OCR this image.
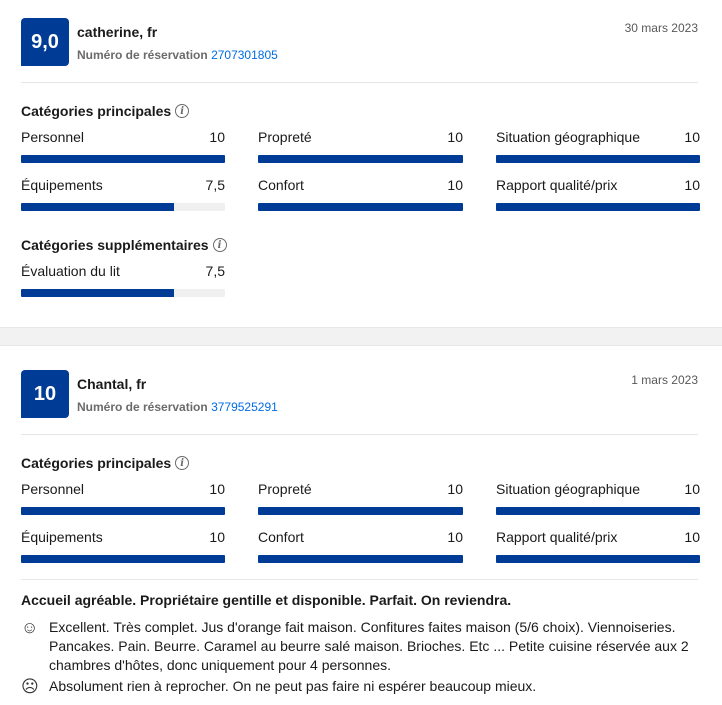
9,0	catherine, fr
Numéro de réservation 2707301805
30 mars 2023
Catégories principales i
Personnel	10 Propreté	10 Situation géographique	10
Équipements	7,5 Confort	10 Rapport qualité/prix	10
Catégories supplémentaires i
Évaluation du lit	7,5
10	Chantal, fr
Numéro de réservation 3779525291
1 mars 2023
Catégories principales i
Personnel	10 Propreté	10 Situation géographique	10
Équipements	10 Confort	10 Rapport qualité/prix	10
Accueil agréable. Propriétaire gentille et disponible. Parfait. On reviendra.
☺ Excellent. Très complet. Jus d'orange fait maison. Confitures faites maison (5/6 choix). Viennoiseries. Pancakes. Pain. Beurre. Caramel au beurre salé maison. Brioches. Etc ... Petite cuisine réservée aux 2 chambres d'hôtes, donc uniquement pour 4 personnes.
☹ Absolument rien à reprocher. On ne peut pas faire ni espérer beaucoup mieux.
